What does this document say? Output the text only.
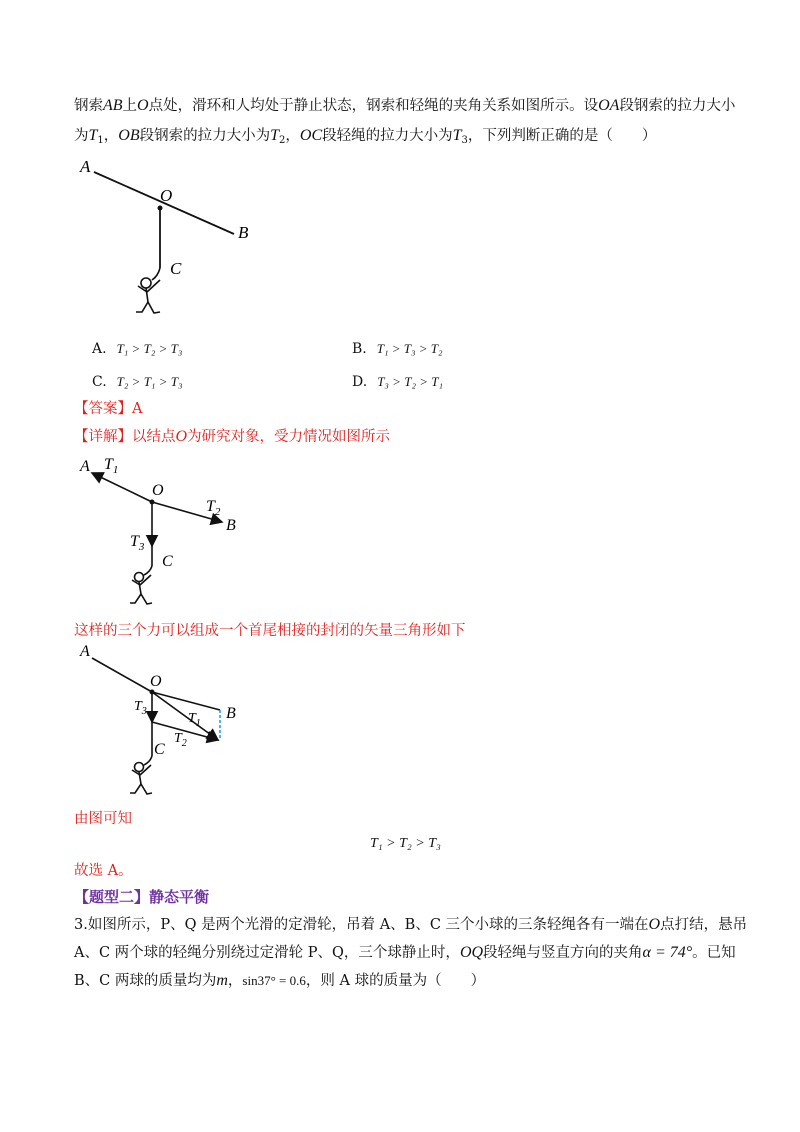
钢索AB上O点处，滑环和人均处于静止状态，钢索和轻绳的夹角关系如图所示。设OA段钢索的拉力大小
为$T_1$，OB段钢索的拉力大小为$T_2$，OC段轻绳的拉力大小为$T_3$，下列判断正确的是（　　）
A
O
B
C
A. T₁ > T₂ > T₃	B. T₁ > T₃ > T₂
C. T₂ > T₁ > T₃	D. T₃ > T₂ > T₁
【答案】A
【详解】以结点O为研究对象，受力情况如图所示
A $T_1$
O
$T_2$
B
$T_3$
C
这样的三个力可以组成一个首尾相接的封闭的矢量三角形如下
A
O
B
$T_3$	$T_1$
$T_2$
C
由图可知
T₁ > T₂ > T₃
故选 A。
【题型二】静态平衡
3.如图所示，P、Q 是两个光滑的定滑轮，吊着 A、B、C 三个小球的三条轻绳各有一端在O点打结，悬吊
A、C 两个球的轻绳分别绕过定滑轮 P、Q，三个球静止时，OQ段轻绳与竖直方向的夹角α = 74°。已知
B、C 两球的质量均为m，sin37° = 0.6，则 A 球的质量为（　　）
